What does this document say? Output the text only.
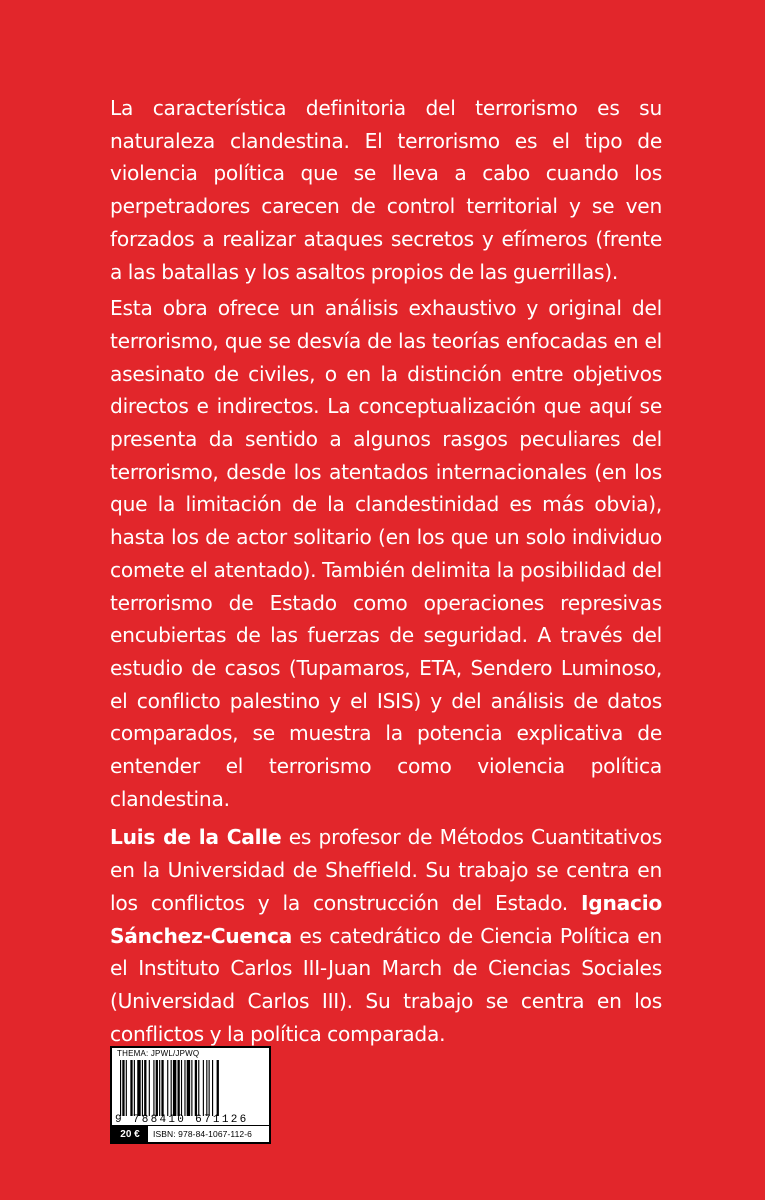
La característica definitoria del terrorismo es su naturaleza clandestina. El terrorismo es el tipo de violencia política que se lleva a cabo cuando los perpetradores carecen de control territorial y se ven forzados a realizar ataques secretos y efímeros (frente a las batallas y los asaltos propios de las guerrillas).

Esta obra ofrece un análisis exhaustivo y original del terrorismo, que se desvía de las teorías enfocadas en el asesinato de civiles, o en la distinción entre objetivos directos e indirectos. La conceptualización que aquí se presenta da sentido a algunos rasgos peculiares del terrorismo, desde los atentados internacionales (en los que la limitación de la clandestinidad es más obvia), hasta los de actor solitario (en los que un solo individuo comete el atentado). También delimita la posibilidad del terrorismo de Estado como operaciones represivas encubiertas de las fuerzas de seguridad. A través del estudio de casos (Tupamaros, ETA, Sendero Luminoso, el conflicto palestino y el ISIS) y del análisis de datos comparados, se muestra la potencia explicativa de entender el terrorismo como violencia política clandestina.

Luis de la Calle es profesor de Métodos Cuantitativos en la Universidad de Sheffield. Su trabajo se centra en los conflictos y la construcción del Estado. Ignacio Sánchez-Cuenca es catedrático de Ciencia Política en el Instituto Carlos III-Juan March de Ciencias Sociales (Universidad Carlos III). Su trabajo se centra en los conflictos y la política comparada.

THEMA: JPWL/JPWQ
9 788410 671126
20 €	ISBN: 978-84-1067-112-6
